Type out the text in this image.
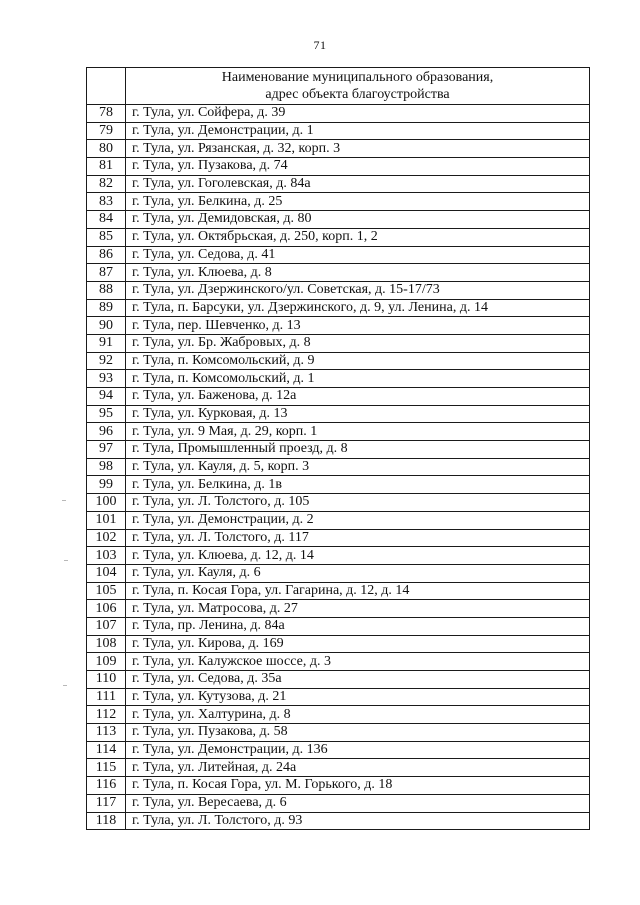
71

	Наименование муниципального образования,
адрес объекта благоустройства

78	г. Тула, ул. Сойфера, д. 39
79	г. Тула, ул. Демонстрации, д. 1
80	г. Тула, ул. Рязанская, д. 32, корп. 3
81	г. Тула, ул. Пузакова, д. 74
82	г. Тула, ул. Гоголевская, д. 84а
83	г. Тула, ул. Белкина, д. 25
84	г. Тула, ул. Демидовская, д. 80
85	г. Тула, ул. Октябрьская, д. 250, корп. 1, 2
86	г. Тула, ул. Седова, д. 41
87	г. Тула, ул. Клюева, д. 8
88	г. Тула, ул. Дзержинского/ул. Советская, д. 15-17/73
89	г. Тула, п. Барсуки, ул. Дзержинского, д. 9, ул. Ленина, д. 14
90	г. Тула, пер. Шевченко, д. 13
91	г. Тула, ул. Бр. Жабровых, д. 8
92	г. Тула, п. Комсомольский, д. 9
93	г. Тула, п. Комсомольский, д. 1
94	г. Тула, ул. Баженова, д. 12а
95	г. Тула, ул. Курковая, д. 13
96	г. Тула, ул. 9 Мая, д. 29, корп. 1
97	г. Тула, Промышленный проезд, д. 8
98	г. Тула, ул. Кауля, д. 5, корп. 3
99	г. Тула, ул. Белкина, д. 1в
100	г. Тула, ул. Л. Толстого, д. 105
101	г. Тула, ул. Демонстрации, д. 2
102	г. Тула, ул. Л. Толстого, д. 117
103	г. Тула, ул. Клюева, д. 12, д. 14
104	г. Тула, ул. Кауля, д. 6
105	г. Тула, п. Косая Гора, ул. Гагарина, д. 12, д. 14
106	г. Тула, ул. Матросова, д. 27
107	г. Тула, пр. Ленина, д. 84а
108	г. Тула, ул. Кирова, д. 169
109	г. Тула, ул. Калужское шоссе, д. 3
110	г. Тула, ул. Седова, д. 35а
111	г. Тула, ул. Кутузова, д. 21
112	г. Тула, ул. Халтурина, д. 8
113	г. Тула, ул. Пузакова, д. 58
114	г. Тула, ул. Демонстрации, д. 136
115	г. Тула, ул. Литейная, д. 24а
116	г. Тула, п. Косая Гора, ул. М. Горького, д. 18
117	г. Тула, ул. Вересаева, д. 6
118	г. Тула, ул. Л. Толстого, д. 93
